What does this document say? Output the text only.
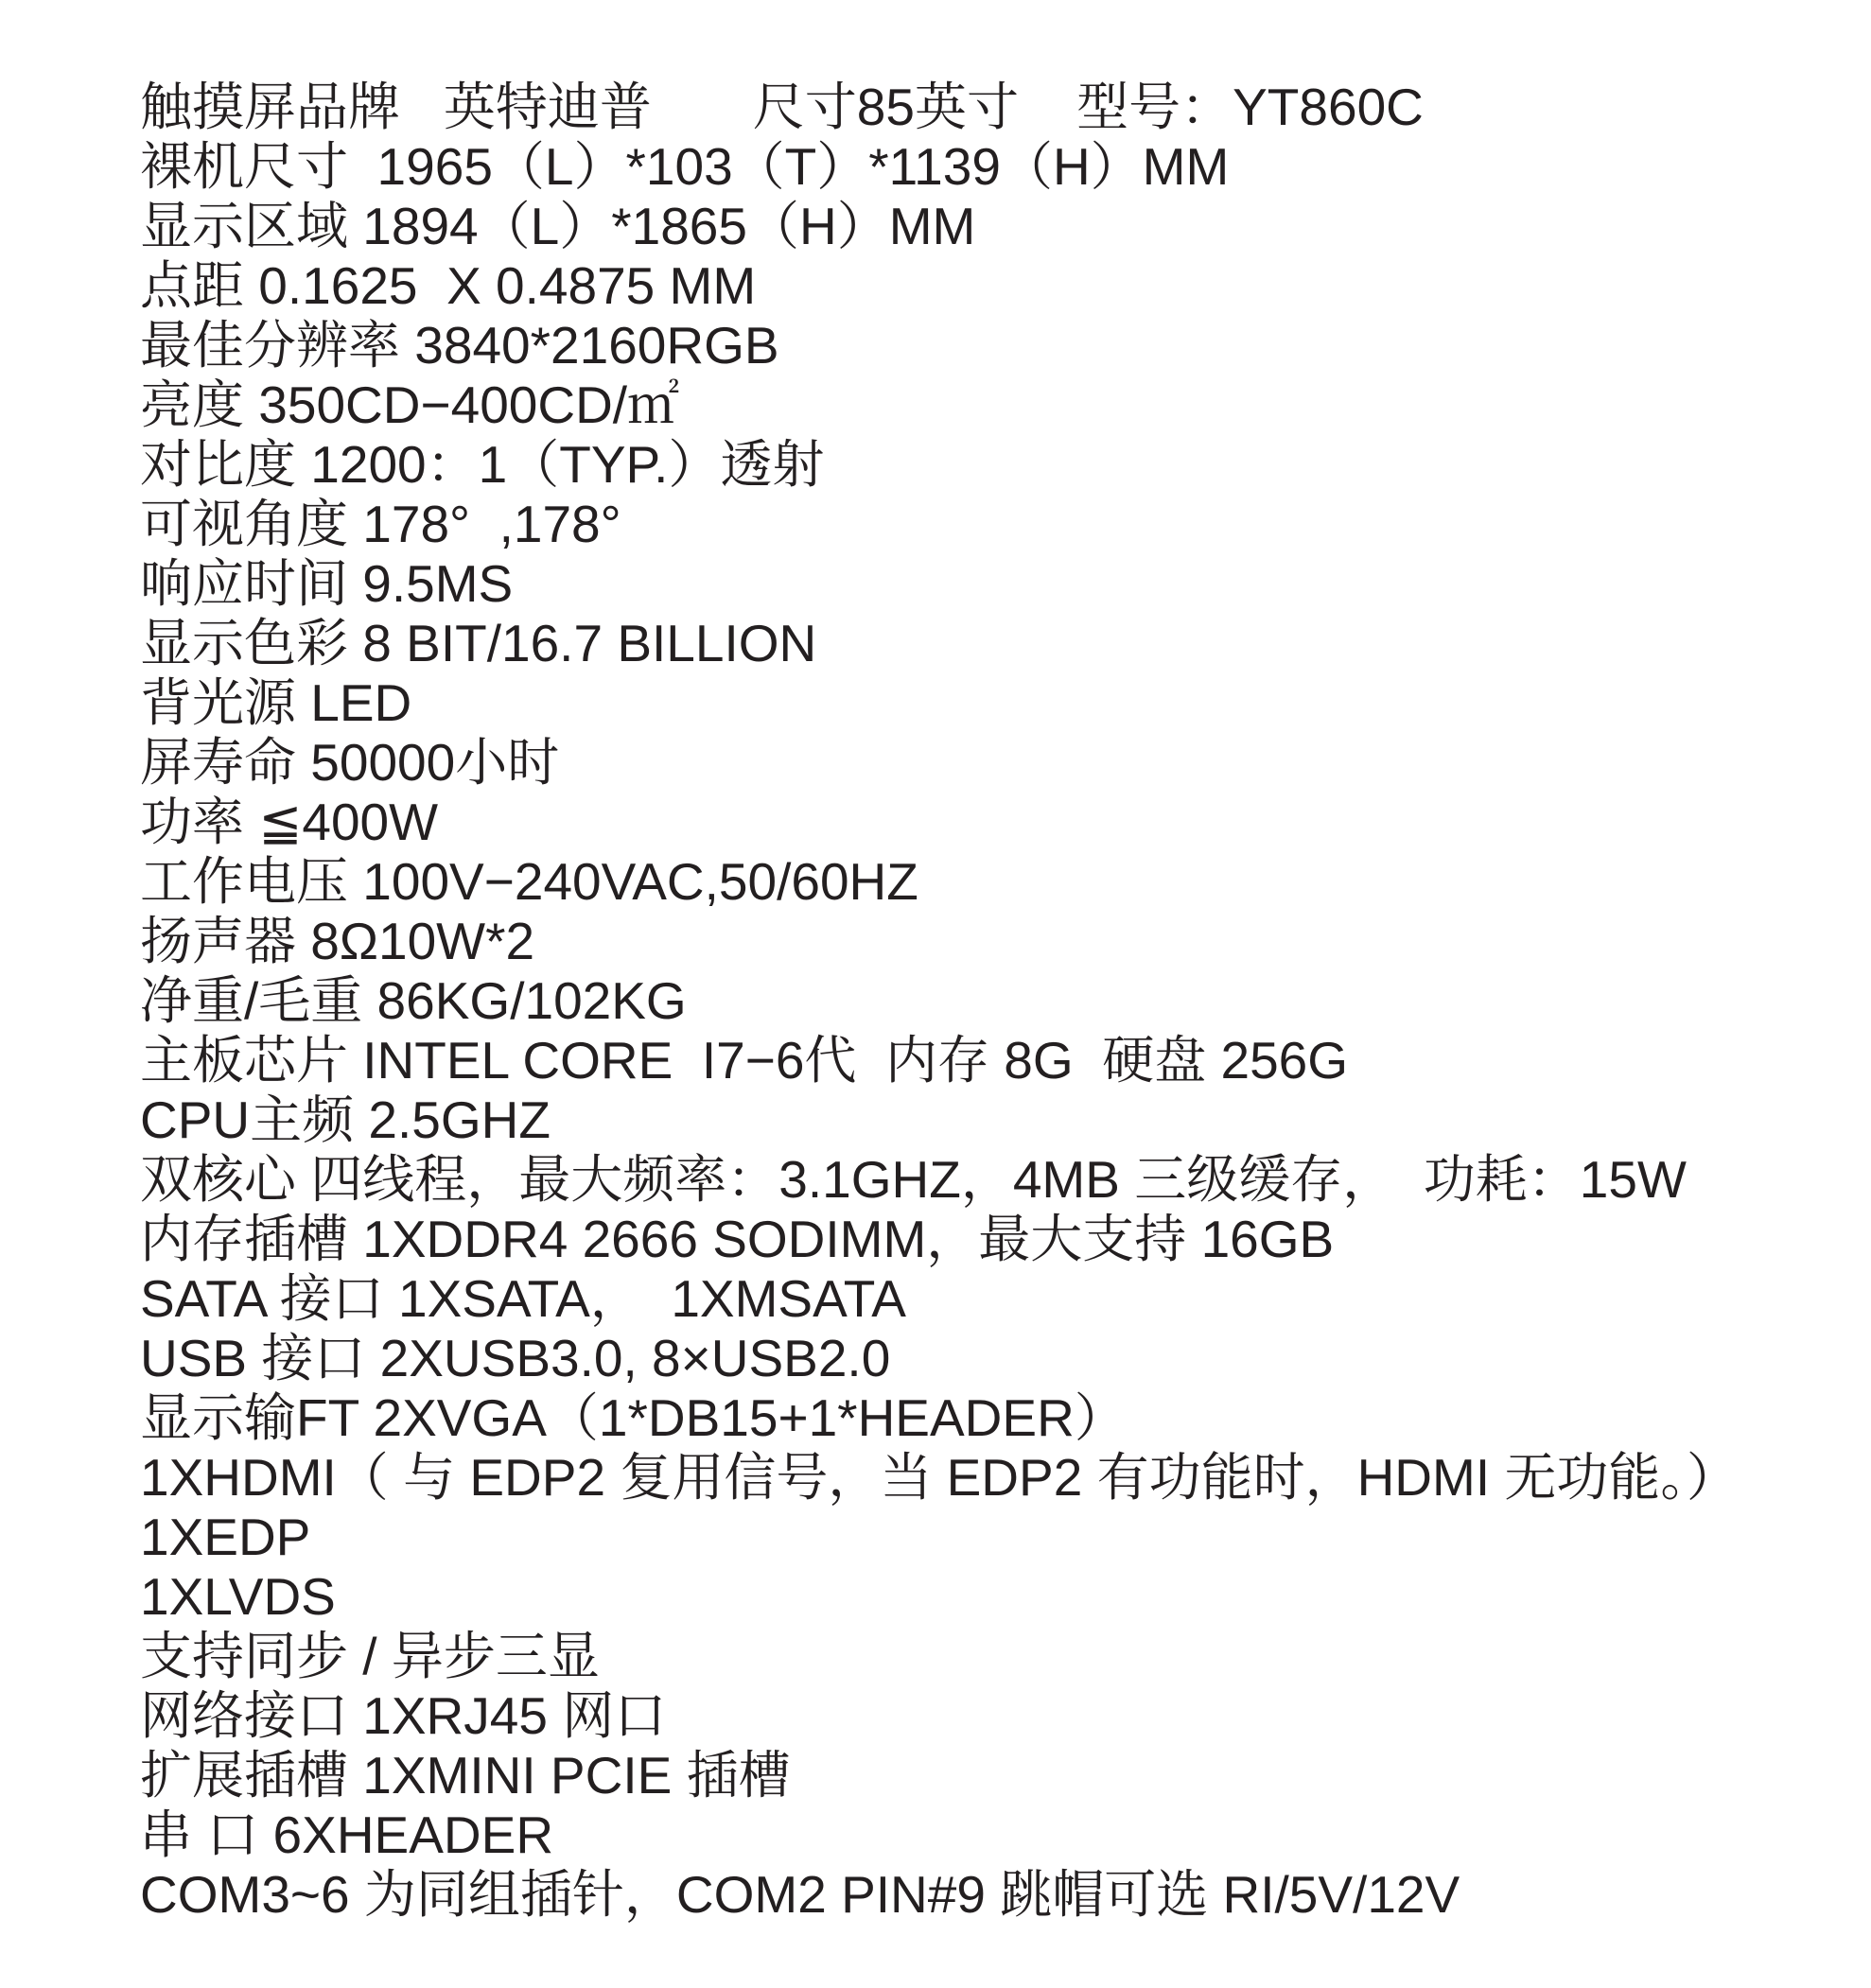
触摸屏品牌   英特迪普       尺寸85英寸    型号：YT860C
裸机尺寸  1965（L）*103（T）*1139（H）MM
显示区域 1894（L）*1865（H）MM
点距 0.1625  X 0.4875 MM
最佳分辨率 3840*2160RGB
亮度 350CD−400CD/㎡
对比度 1200：1（TYP.）透射
可视角度 178°  ,178°
响应时间 9.5MS
显示色彩 8 BIT/16.7 BILLION
背光源 LED
屏寿命 50000小时
功率 ≦400W
工作电压 100V−240VAC,50/60HZ
扬声器 8Ω10W*2
净重/毛重 86KG/102KG
主板芯片 INTEL CORE  I7−6代  内存 8G  硬盘 256G
CPU主频 2.5GHZ
双核心 四线程，最大频率：3.1GHZ，4MB 三级缓存，  功耗：15W
内存插槽 1XDDR4 2666 SODIMM，最大支持 16GB
SATA 接口 1XSATA，  1XMSATA
USB 接口 2XUSB3.0, 8×USB2.0
显示输FT 2XVGA（1*DB15+1*HEADER）
1XHDMI（ 与 EDP2 复用信号，当 EDP2 有功能时，HDMI 无功能。）
1XEDP
1XLVDS
支持同步 / 异步三显
网络接口 1XRJ45 网口
扩展插槽 1XMINI PCIE 插槽
串 口 6XHEADER
COM3~6 为同组插针，COM2 PIN#9 跳帽可选 RI/5V/12V
